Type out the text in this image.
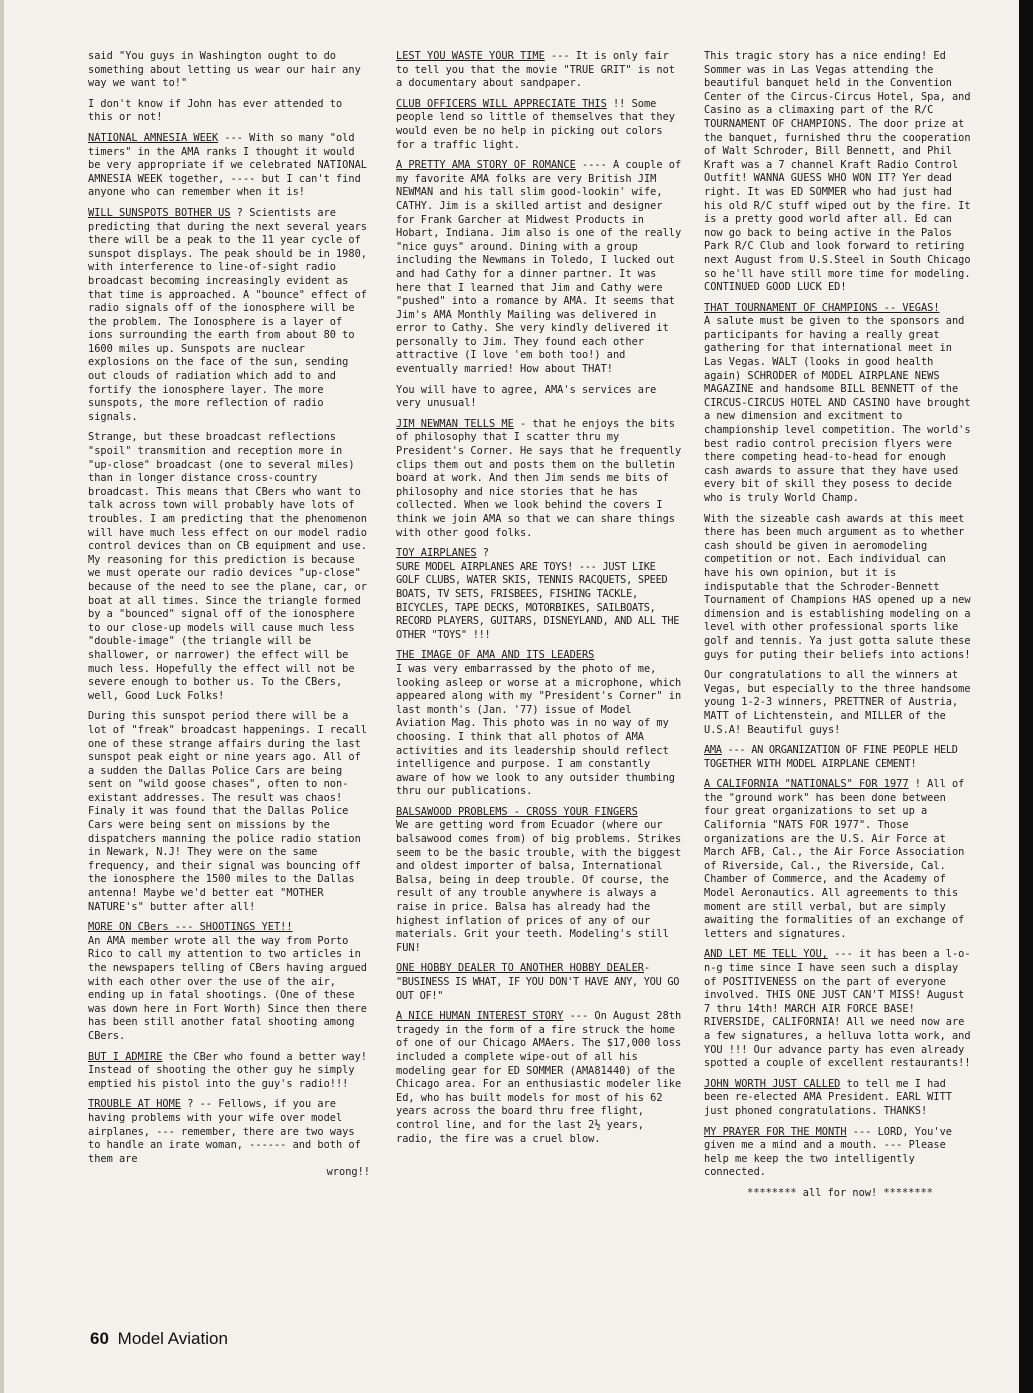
said "You guys in Washington ought to do something about letting us wear our hair any way we want to!"

I don't know if John has ever attended to this or not!

NATIONAL AMNESIA WEEK --- With so many "old timers" in the AMA ranks I thought it would be very appropriate if we celebrated NATIONAL AMNESIA WEEK together, ---- but I can't find anyone who can remember when it is!
WILL SUNSPOTS BOTHER US ? Scientists are predicting that during the next several years there will be a peak to the 11 year cycle of sunspot displays. The peak should be in 1980, with interference to line-of-sight radio broadcast becoming increasingly evident as that time is approached. A "bounce" effect of radio signals off of the ionosphere will be the problem. The Ionosphere is a layer of ions surrounding the earth from about 80 to 1600 miles up. Sunspots are nuclear explosions on the face of the sun, sending out clouds of radiation which add to and fortify the ionosphere layer. The more sunspots, the more reflection of radio signals.

Strange, but these broadcast reflections "spoil" transmition and reception more in "up-close" broadcast (one to several miles) than in longer distance cross-country broadcast. This means that CBers who want to talk across town will probably have lots of troubles. I am predicting that the phenomenon will have much less effect on our model radio control devices than on CB equipment and use. My reasoning for this prediction is because we must operate our radio devices "up-close" because of the need to see the plane, car, or boat at all times. Since the triangle formed by a "bounced" signal off of the ionosphere to our close-up models will cause much less "double-image" (the triangle will be shallower, or narrower) the effect will be much less. Hopefully the effect will not be severe enough to bother us. To the CBers, well, Good Luck Folks!

During this sunspot period there will be a lot of "freak" broadcast happenings. I recall one of these strange affairs during the last sunspot peak eight or nine years ago. All of a sudden the Dallas Police Cars are being sent on "wild goose chases", often to non-existant addresses. The result was chaos! Finaly it was found that the Dallas Police Cars were being sent on missions by the dispatchers manning the police radio station in Newark, N.J! They were on the same frequency, and their signal was bouncing off the ionosphere the 1500 miles to the Dallas antenna! Maybe we'd better eat "MOTHER NATURE's" butter after all!

MORE ON CBers --- SHOOTINGS YET!!
An AMA member wrote all the way from Porto Rico to call my attention to two articles in the newspapers telling of CBers having argued with each other over the use of the air, ending up in fatal shootings. (One of these was down here in Fort Worth) Since then there has been still another fatal shooting among CBers.
BUT I ADMIRE the CBer who found a better way! Instead of shooting the other guy he simply emptied his pistol into the guy's radio!!!
TROUBLE AT HOME ? -- Fellows, if you are having problems with your wife over model airplanes, --- remember, there are two ways to handle an irate woman, ------ and both of them are
wrong!!
LEST YOU WASTE YOUR TIME --- It is only fair to tell you that the movie "TRUE GRIT" is not a documentary about sandpaper.
CLUB OFFICERS WILL APPRECIATE THIS !! Some people lend so little of themselves that they would even be no help in picking out colors for a traffic light.
A PRETTY AMA STORY OF ROMANCE ---- A couple of my favorite AMA folks are very British JIM NEWMAN and his tall slim good-lookin' wife, CATHY. Jim is a skilled artist and designer for Frank Garcher at Midwest Products in Hobart, Indiana. Jim also is one of the really "nice guys" around. Dining with a group including the Newmans in Toledo, I lucked out and had Cathy for a dinner partner. It was here that I learned that Jim and Cathy were "pushed" into a romance by AMA. It seems that Jim's AMA Monthly Mailing was delivered in error to Cathy. She very kindly delivered it personally to Jim. They found each other attractive (I love 'em both too!) and eventually married! How about THAT!

You will have to agree, AMA's services are very unusual!

JIM NEWMAN TELLS ME - that he enjoys the bits of philosophy that I scatter thru my President's Corner. He says that he frequently clips them out and posts them on the bulletin board at work. And then Jim sends me bits of philosophy and nice stories that he has collected. When we look behind the covers I think we join AMA so that we can share things with other good folks.
TOY AIRPLANES ?
SURE MODEL AIRPLANES ARE TOYS! --- JUST LIKE GOLF CLUBS, WATER SKIS, TENNIS RACQUETS, SPEED BOATS, TV SETS, FRISBEES, FISHING TACKLE, BICYCLES, TAPE DECKS, MOTORBIKES, SAILBOATS, RECORD PLAYERS, GUITARS, DISNEYLAND, AND ALL THE OTHER "TOYS" !!!
THE IMAGE OF AMA AND ITS LEADERS
I was very embarrassed by the photo of me, looking asleep or worse at a microphone, which appeared along with my "President's Corner" in last month's (Jan. '77) issue of Model Aviation Mag. This photo was in no way of my choosing. I think that all photos of AMA activities and its leadership should reflect intelligence and purpose. I am constantly aware of how we look to any outsider thumbing thru our publications.
BALSAWOOD PROBLEMS - CROSS YOUR FINGERS
We are getting word from Ecuador (where our balsawood comes from) of big problems. Strikes seem to be the basic trouble, with the biggest and oldest importer of balsa, International Balsa, being in deep trouble. Of course, the result of any trouble anywhere is always a raise in price. Balsa has already had the highest inflation of prices of any of our materials. Grit your teeth. Modeling's still FUN!
ONE HOBBY DEALER TO ANOTHER HOBBY DEALER-
"BUSINESS IS WHAT, IF YOU DON'T HAVE ANY, YOU GO OUT OF!"
A NICE HUMAN INTEREST STORY --- On August 28th tragedy in the form of a fire struck the home of one of our Chicago AMAers. The $17,000 loss included a complete wipe-out of all his modeling gear for ED SOMMER (AMA81440) of the Chicago area. For an enthusiastic modeler like Ed, who has built models for most of his 62 years across the board thru free flight, control line, and for the last 2½ years, radio, the fire was a cruel blow.

This tragic story has a nice ending! Ed Sommer was in Las Vegas attending the beautiful banquet held in the Convention Center of the Circus-Circus Hotel, Spa, and Casino as a climaxing part of the R/C TOURNAMENT OF CHAMPIONS. The door prize at the banquet, furnished thru the cooperation of Walt Schroder, Bill Bennett, and Phil Kraft was a 7 channel Kraft Radio Control Outfit! WANNA GUESS WHO WON IT? Yer dead right. It was ED SOMMER who had just had his old R/C stuff wiped out by the fire. It is a pretty good world after all. Ed can now go back to being active in the Palos Park R/C Club and look forward to retiring next August from U.S.Steel in South Chicago so he'll have still more time for modeling. CONTINUED GOOD LUCK ED!

THAT TOURNAMENT OF CHAMPIONS -- VEGAS!
A salute must be given to the sponsors and participants for having a really great gathering for that international meet in Las Vegas. WALT (looks in good health again) SCHRODER of MODEL AIRPLANE NEWS MAGAZINE and handsome BILL BENNETT of the CIRCUS-CIRCUS HOTEL AND CASINO have brought a new dimension and excitment to championship level competition. The world's best radio control precision flyers were there competing head-to-head for enough cash awards to assure that they have used every bit of skill they posess to decide who is truly World Champ.

With the sizeable cash awards at this meet there has been much argument as to whether cash should be given in aeromodeling competition or not. Each individual can have his own opinion, but it is indisputable that the Schroder-Bennett Tournament of Champions HAS opened up a new dimension and is establishing modeling on a level with other professional sports like golf and tennis. Ya just gotta salute these guys for puting their beliefs into actions!

Our congratulations to all the winners at Vegas, but especially to the three handsome young 1-2-3 winners, PRETTNER of Austria, MATT of Lichtenstein, and MILLER of the U.S.A! Beautiful guys!

AMA --- AN ORGANIZATION OF FINE PEOPLE HELD TOGETHER WITH MODEL AIRPLANE CEMENT!
A CALIFORNIA "NATIONALS" FOR 1977 ! All of the "ground work" has been done between four great organizations to set up a California "NATS FOR 1977". Those organizations are the U.S. Air Force at March AFB, Cal., the Air Force Association of Riverside, Cal., the Riverside, Cal. Chamber of Commerce, and the Academy of Model Aeronautics. All agreements to this moment are still verbal, but are simply awaiting the formalities of an exchange of letters and signatures.
AND LET ME TELL YOU, --- it has been a l-o-n-g time since I have seen such a display of POSITIVENESS on the part of everyone involved. THIS ONE JUST CAN'T MISS! August 7 thru 14th! MARCH AIR FORCE BASE! RIVERSIDE, CALIFORNIA! All we need now are a few signatures, a helluva lotta work, and YOU !!! Our advance party has even already spotted a couple of excellent restaurants!!
JOHN WORTH JUST CALLED to tell me I had been re-elected AMA President. EARL WITT just phoned congratulations. THANKS!
MY PRAYER FOR THE MONTH --- LORD, You've given me a mind and a mouth. --- Please help me keep the two intelligently connected.
******** all for now! ********
60 Model Aviation
